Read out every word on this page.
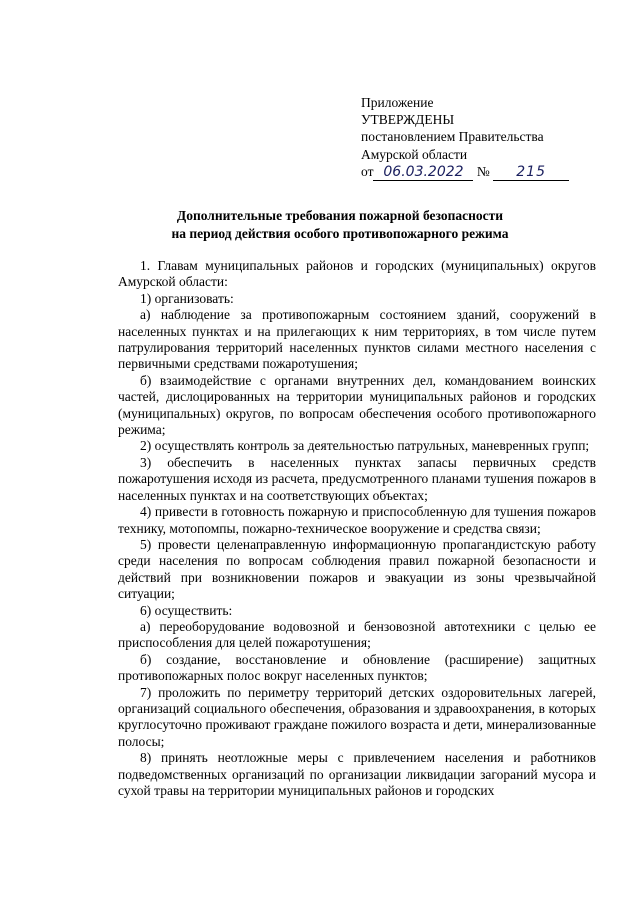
Приложение
УТВЕРЖДЕНЫ
постановлением Правительства
Амурской области
от 06.03.2022 № 215
Дополнительные требования пожарной безопасности
на период действия особого противопожарного режима

1. Главам муниципальных районов и городских (муниципальных) округов Амурской области:

1) организовать:

а) наблюдение за противопожарным состоянием зданий, сооружений в населенных пунктах и на прилегающих к ним территориях, в том числе путем патрулирования территорий населенных пунктов силами местного населения с первичными средствами пожаротушения;

б) взаимодействие с органами внутренних дел, командованием воинских частей, дислоцированных на территории муниципальных районов и городских (муниципальных) округов, по вопросам обеспечения особого противопожарного режима;

2) осуществлять контроль за деятельностью патрульных, маневренных групп;

3) обеспечить в населенных пунктах запасы первичных средств пожаротушения исходя из расчета, предусмотренного планами тушения пожаров в населенных пунктах и на соответствующих объектах;

4) привести в готовность пожарную и приспособленную для тушения пожаров технику, мотопомпы, пожарно-техническое вооружение и средства связи;

5) провести целенаправленную информационную пропагандистскую работу среди населения по вопросам соблюдения правил пожарной безопасности и действий при возникновении пожаров и эвакуации из зоны чрезвычайной ситуации;

6) осуществить:

а) переоборудование водовозной и бензовозной автотехники с целью ее приспособления для целей пожаротушения;

б) создание, восстановление и обновление (расширение) защитных противопожарных полос вокруг населенных пунктов;

7) проложить по периметру территорий детских оздоровительных лагерей, организаций социального обеспечения, образования и здравоохранения, в которых круглосуточно проживают граждане пожилого возраста и дети, минерализованные полосы;

8) принять неотложные меры с привлечением населения и работников подведомственных организаций по организации ликвидации загораний мусора и сухой травы на территории муниципальных районов и городских
